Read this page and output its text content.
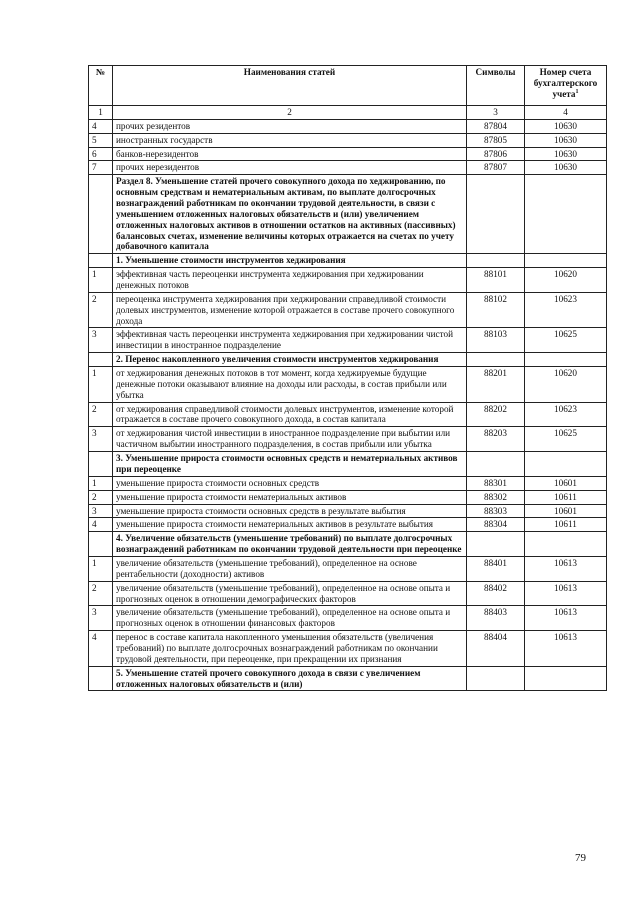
№	Наименования статей	Символы	Номер счета бухгалтерского учета$^1$
1	2	3	4
4	прочих резидентов	87804	10630
5	иностранных государств	87805	10630
6	банков-нерезидентов	87806	10630
7	прочих нерезидентов	87807	10630
	Раздел 8. Уменьшение статей прочего совокупного дохода по хеджированию, по основным средствам и нематериальным активам, по выплате долгосрочных вознаграждений работникам по окончании трудовой деятельности, в связи с уменьшением отложенных налоговых обязательств и (или) увеличением отложенных налоговых активов в отношении остатков на активных (пассивных) балансовых счетах, изменение величины которых отражается на счетах по учету добавочного капитала		
	1. Уменьшение стоимости инструментов хеджирования		
1	эффективная часть переоценки инструмента хеджирования при хеджировании денежных потоков	88101	10620
2	переоценка инструмента хеджирования при хеджировании справедливой стоимости долевых инструментов, изменение которой отражается в составе прочего совокупного дохода	88102	10623
3	эффективная часть переоценки инструмента хеджирования при хеджировании чистой инвестиции в иностранное подразделение	88103	10625
	2. Перенос накопленного увеличения стоимости инструментов хеджирования		
1	от хеджирования денежных потоков в тот момент, когда хеджируемые будущие денежные потоки оказывают влияние на доходы или расходы, в состав прибыли или убытка	88201	10620
2	от хеджирования справедливой стоимости долевых инструментов, изменение которой отражается в составе прочего совокупного дохода, в состав капитала	88202	10623
3	от хеджирования чистой инвестиции в иностранное подразделение при выбытии или частичном выбытии иностранного подразделения, в состав прибыли или убытка	88203	10625
	3. Уменьшение прироста стоимости основных средств и нематериальных активов при переоценке		
1	уменьшение прироста стоимости основных средств	88301	10601
2	уменьшение прироста стоимости нематериальных активов	88302	10611
3	уменьшение прироста стоимости основных средств в результате выбытия	88303	10601
4	уменьшение прироста стоимости нематериальных активов в результате выбытия	88304	10611
	4. Увеличение обязательств (уменьшение требований) по выплате долгосрочных вознаграждений работникам по окончании трудовой деятельности при переоценке		
1	увеличение обязательств (уменьшение требований), определенное на основе рентабельности (доходности) активов	88401	10613
2	увеличение обязательств (уменьшение требований), определенное на основе опыта и прогнозных оценок в отношении демографических факторов	88402	10613
3	увеличение обязательств (уменьшение требований), определенное на основе опыта и прогнозных оценок в отношении финансовых факторов	88403	10613
4	перенос в составе капитала накопленного уменьшения обязательств (увеличения требований) по выплате долгосрочных вознаграждений работникам по окончании трудовой деятельности, при переоценке, при прекращении их признания	88404	10613
	5. Уменьшение статей прочего совокупного дохода в связи с увеличением отложенных налоговых обязательств и (или)		
79
